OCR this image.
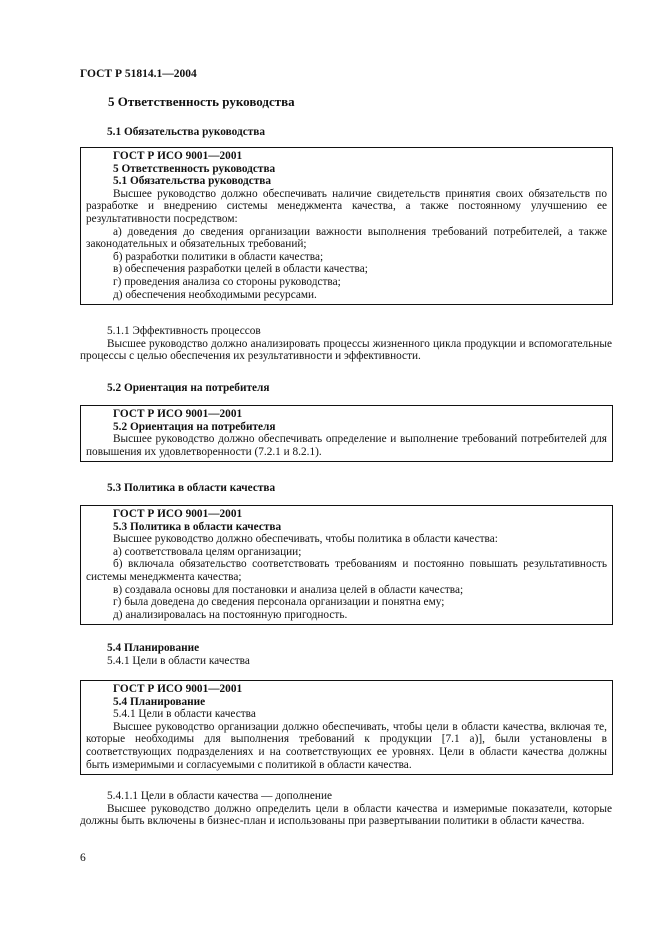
ГОСТ Р 51814.1—2004
5 Ответственность руководства
5.1 Обязательства руководства

ГОСТ Р ИСО 9001—2001

5 Ответственность руководства

5.1 Обязательства руководства

Высшее руководство должно обеспечивать наличие свидетельств принятия своих обязательств по разработке и внедрению системы менеджмента качества, а также постоянному улучшению ее результативности посредством:

а) доведения до сведения организации важности выполнения требований потребителей, а также законодательных и обязательных требований;

б) разработки политики в области качества;

в) обеспечения разработки целей в области качества;

г) проведения анализа со стороны руководства;

д) обеспечения необходимыми ресурсами.

5.1.1 Эффективность процессов

Высшее руководство должно анализировать процессы жизненного цикла продукции и вспомогательные процессы с целью обеспечения их результативности и эффективности.

5.2 Ориентация на потребителя

ГОСТ Р ИСО 9001—2001

5.2 Ориентация на потребителя

Высшее руководство должно обеспечивать определение и выполнение требований потребителей для повышения их удовлетворенности (7.2.1 и 8.2.1).

5.3 Политика в области качества

ГОСТ Р ИСО 9001—2001

5.3 Политика в области качества

Высшее руководство должно обеспечивать, чтобы политика в области качества:

а) соответствовала целям организации;

б) включала обязательство соответствовать требованиям и постоянно повышать результативность системы менеджмента качества;

в) создавала основы для постановки и анализа целей в области качества;

г) была доведена до сведения персонала организации и понятна ему;

д) анализировалась на постоянную пригодность.

5.4 Планирование

5.4.1 Цели в области качества

ГОСТ Р ИСО 9001—2001

5.4 Планирование

5.4.1 Цели в области качества

Высшее руководство организации должно обеспечивать, чтобы цели в области качества, включая те, которые необходимы для выполнения требований к продукции [7.1 а)], были установлены в соответствующих подразделениях и на соответствующих ее уровнях. Цели в области качества должны быть измеримыми и согласуемыми с политикой в области качества.

5.4.1.1 Цели в области качества — дополнение

Высшее руководство должно определить цели в области качества и измеримые показатели, которые должны быть включены в бизнес-план и использованы при развертывании политики в области качества.

6
